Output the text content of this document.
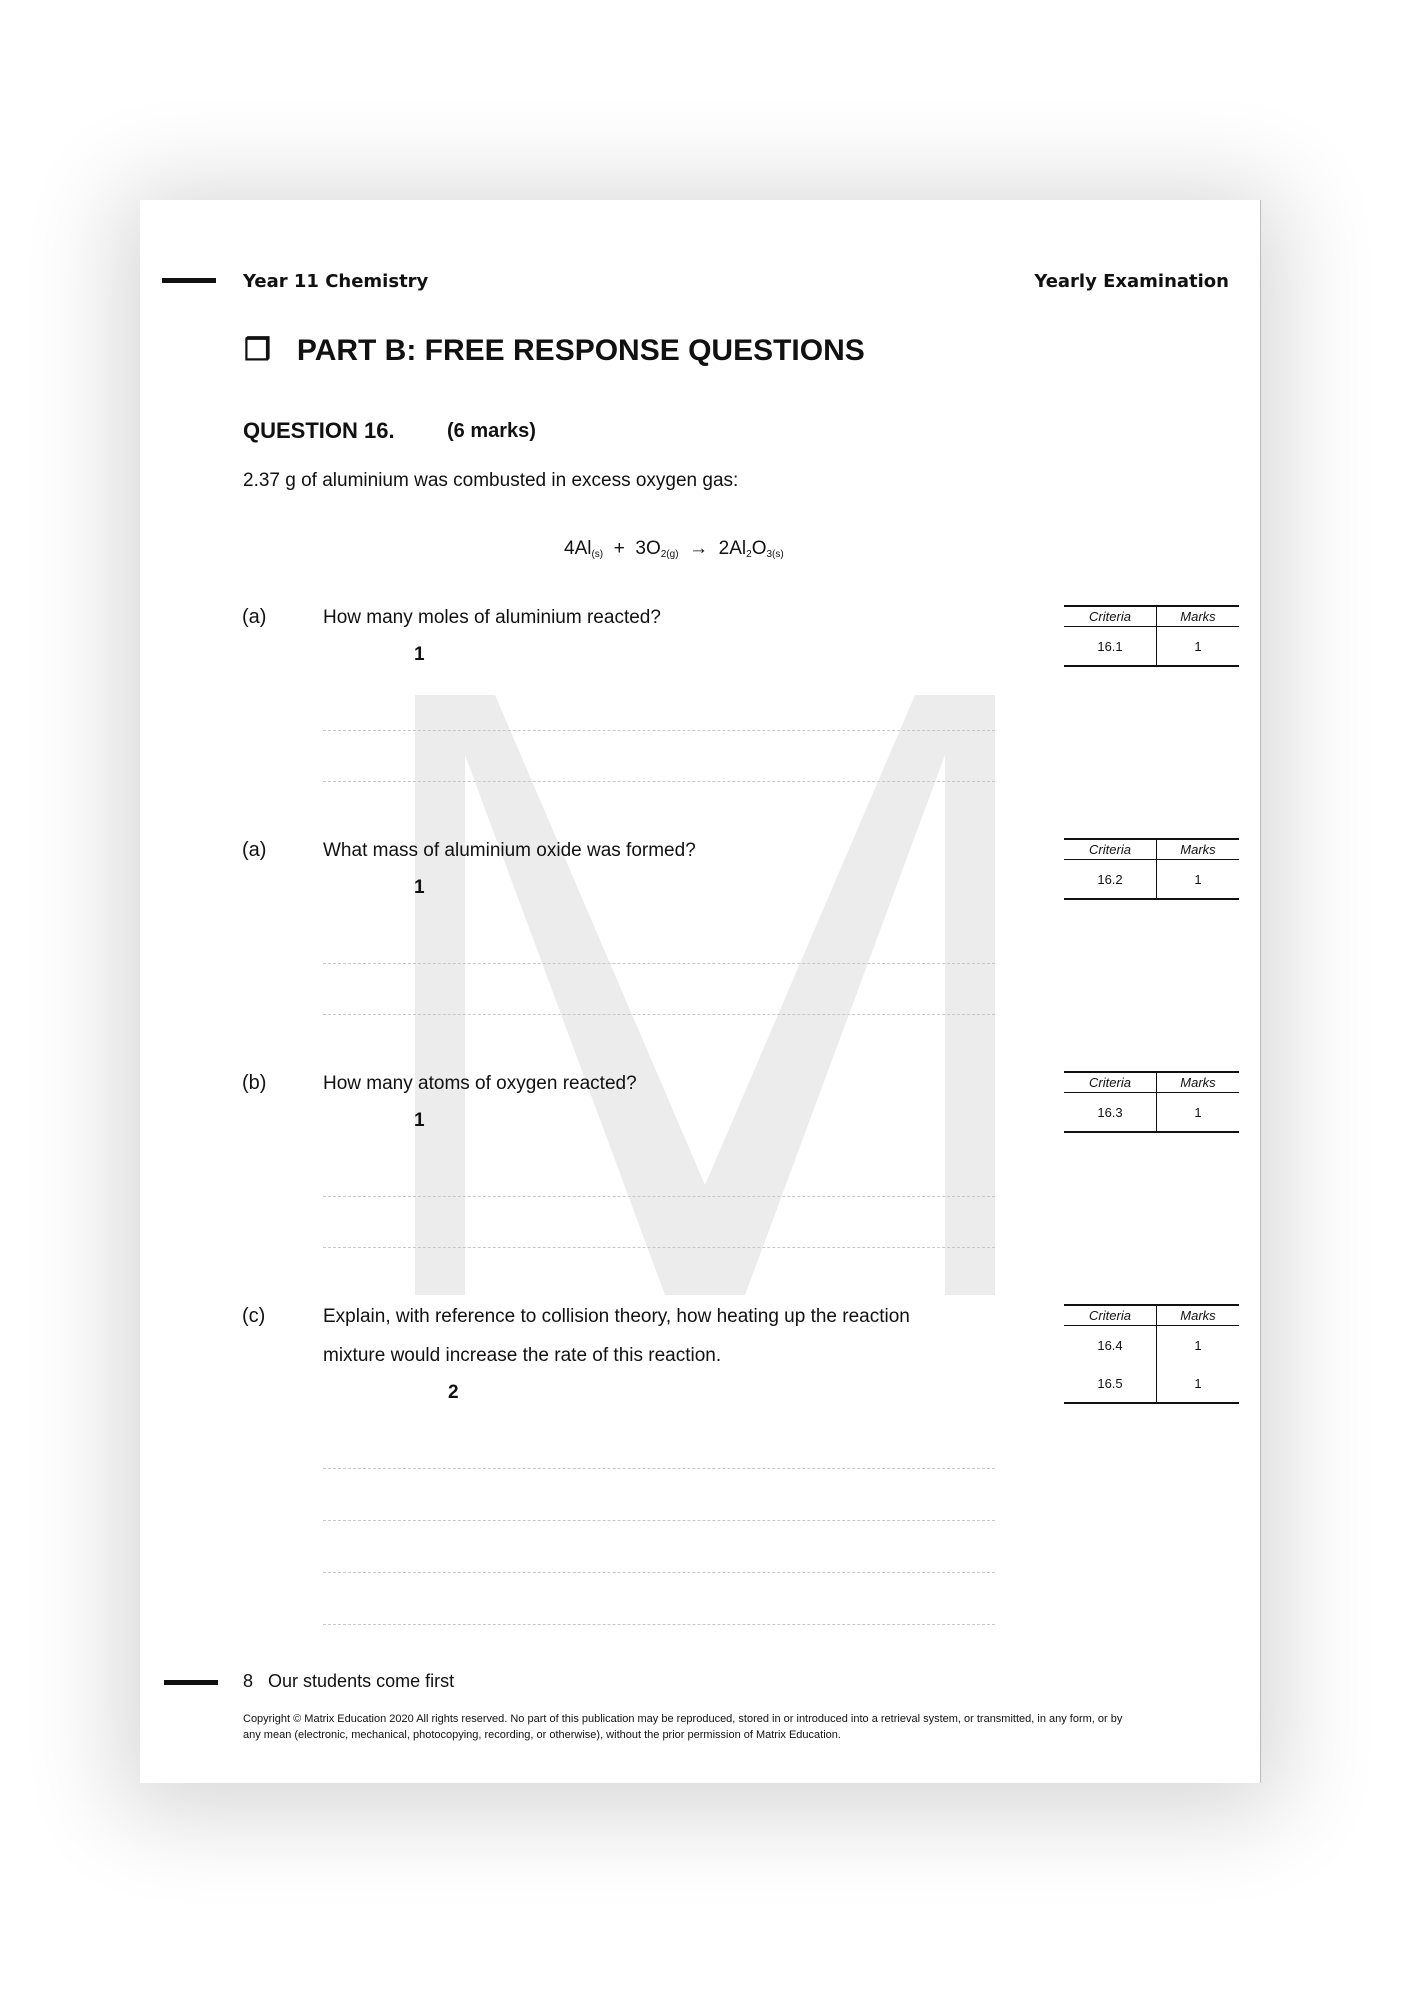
Year 11 Chemistry	Yearly Examination
❒ PART B: FREE RESPONSE QUESTIONS
QUESTION 16.	(6 marks)
2.37 g of aluminium was combusted in excess oxygen gas:
$4Al_{(s)} + 3O_{2(g)} \to 2Al_2O_{3(s)}$
(a)	How many moles of aluminium reacted?
1
Criteria	Marks
16.1	1
(a)	What mass of aluminium oxide was formed?
1
Criteria	Marks
16.2	1
(b)	How many atoms of oxygen reacted?
1
Criteria	Marks
16.3	1
(c)	Explain, with reference to collision theory, how heating up the reaction
mixture would increase the rate of this reaction.
2
Criteria	Marks
16.4	1
16.5	1
8 Our students come first
Copyright © Matrix Education 2020 All rights reserved. No part of this publication may be reproduced, stored in or introduced into a retrieval system, or transmitted, in any form, or by any mean (electronic, mechanical, photocopying, recording, or otherwise), without the prior permission of Matrix Education.
